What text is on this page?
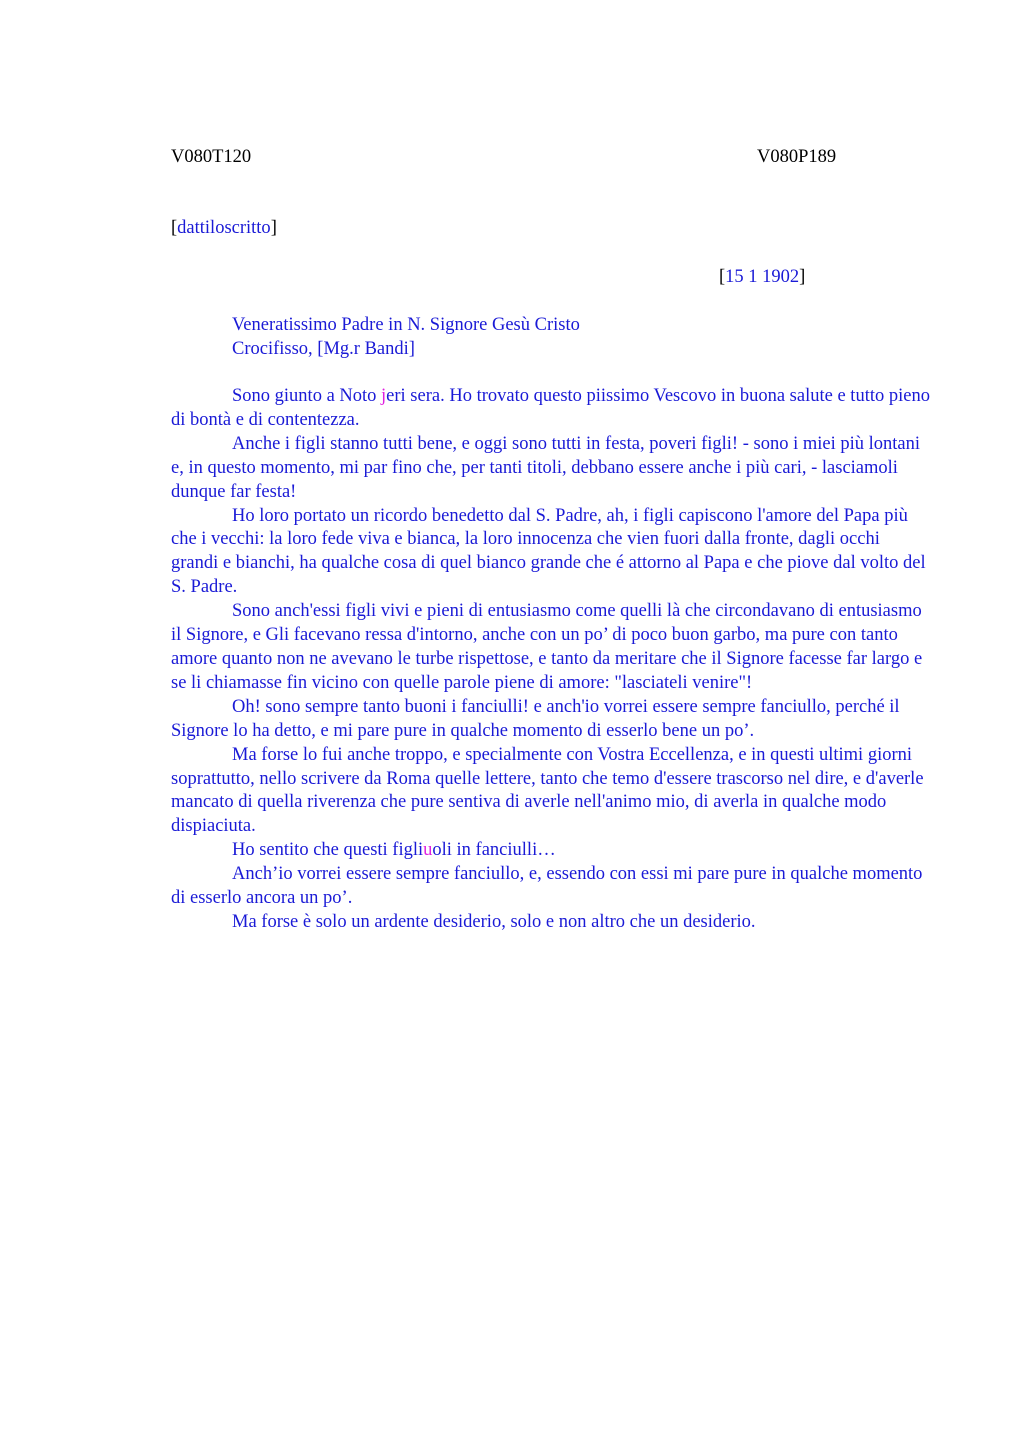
V080T120	V080P189
[dattiloscritto]
[15 1 1902]
Veneratissimo Padre in N. Signore Gesù Cristo
Crocifisso, [Mg.r Bandi]

Sono giunto a Noto jeri sera. Ho trovato questo piissimo Vescovo in buona salute e tutto pieno di bontà e di contentezza.

Anche i figli stanno tutti bene, e oggi sono tutti in festa, poveri figli! - sono i miei più lontani e, in questo momento, mi par fino che, per tanti titoli, debbano essere anche i più cari, - lasciamoli dunque far festa!

Ho loro portato un ricordo benedetto dal S. Padre, ah, i figli capiscono l'amore del Papa più che i vecchi: la loro fede viva e bianca, la loro innocenza che vien fuori dalla fronte, dagli occhi grandi e bianchi, ha qualche cosa di quel bianco grande che é attorno al Papa e che piove dal volto del S. Padre.

Sono anch'essi figli vivi e pieni di entusiasmo come quelli là che circondavano di entusiasmo il Signore, e Gli facevano ressa d'intorno, anche con un po’ di poco buon garbo, ma pure con tanto amore quanto non ne avevano le turbe rispettose, e tanto da meritare che il Signore facesse far largo e se li chiamasse fin vicino con quelle parole piene di amore: "lasciateli venire"!

Oh! sono sempre tanto buoni i fanciulli! e anch'io vorrei essere sempre fanciullo, perché il Signore lo ha detto, e mi pare pure in qualche momento di esserlo bene un po’.

Ma forse lo fui anche troppo, e specialmente con Vostra Eccellenza, e in questi ultimi giorni soprattutto, nello scrivere da Roma quelle lettere, tanto che temo d'essere trascorso nel dire, e d'averle mancato di quella riverenza che pure sentiva di averle nell'animo mio, di averla in qualche modo dispiaciuta.

Ho sentito che questi figliuoli in fanciulli…

Anch’io vorrei essere sempre fanciullo, e, essendo con essi mi pare pure in qualche momento di esserlo ancora un po’.

Ma forse è solo un ardente desiderio, solo e non altro che un desiderio.
